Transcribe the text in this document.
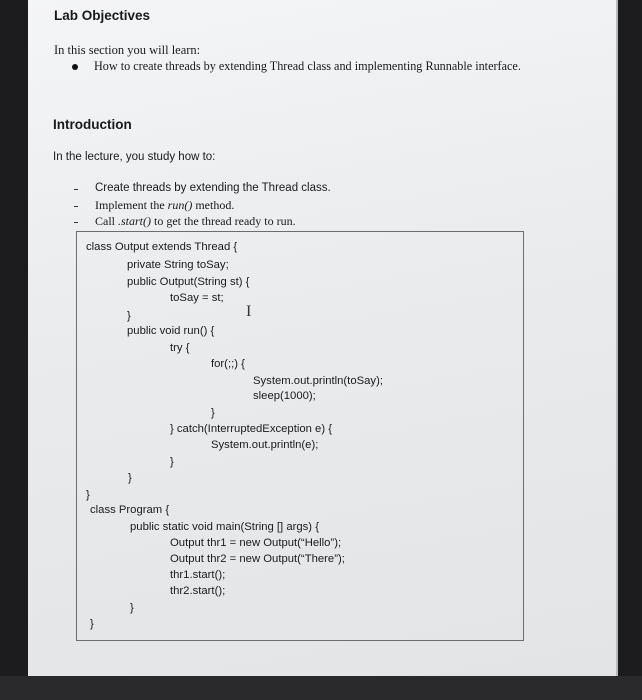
Lab Objectives
In this section you will learn:
How to create threads by extending Thread class and implementing Runnable interface.
Introduction
In the lecture, you study how to:
Create threads by extending the Thread class.
Implement the run() method.
Call .start() to get the thread ready to run.
class Output extends Thread {
private String toSay;
public Output(String st) {
toSay = st;
}
public void run() {
try {
for(;;) {
System.out.println(toSay);
sleep(1000);
}
} catch(InterruptedException e) {
System.out.println(e);
}
}
}
class Program {
public static void main(String [] args) {
Output thr1 = new Output(“Hello”);
Output thr2 = new Output(“There”);
thr1.start();
thr2.start();
}
}
I
